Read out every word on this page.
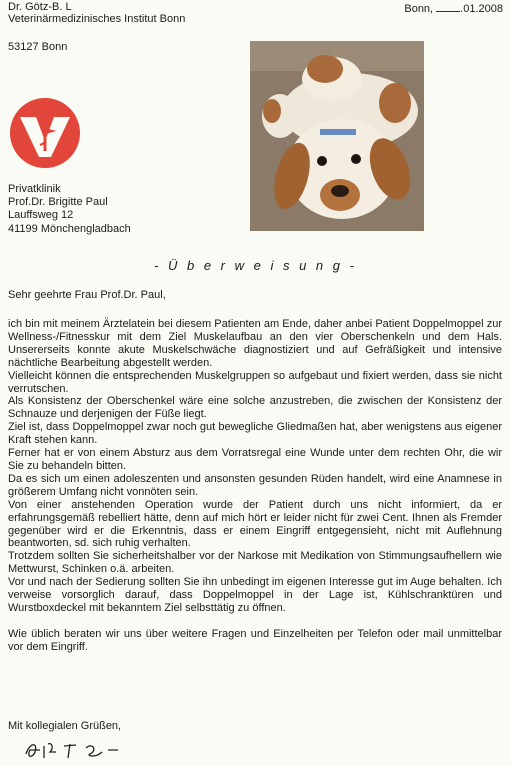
Dr. Götz-B. L
Veterinärmedizinisches Institut Bonn
53127 Bonn
Bonn, .01.2008
Privatklinik
Prof.Dr. Brigitte Paul
Lauffsweg 12
41199 Mönchengladbach
- Ü b e r w e i s u n g -
Sehr geehrte Frau Prof.Dr. Paul,

ich bin mit meinem Ärztelatein bei diesem Patienten am Ende, daher anbei Patient Doppelmoppel zur Wellness-/Fitnesskur mit dem Ziel Muskelaufbau an den vier Oberschenkeln und dem Hals. Unsererseits konnte akute Muskelschwäche diagnostiziert und auf Gefräßigkeit und intensive nächtliche Bearbeitung abgestellt werden.

Vielleicht können die entsprechenden Muskelgruppen so aufgebaut und fixiert werden, dass sie nicht verrutschen.

Als Konsistenz der Oberschenkel wäre eine solche anzustreben, die zwischen der Konsistenz der Schnauze und derjenigen der Füße liegt.

Ziel ist, dass Doppelmoppel zwar noch gut bewegliche Gliedmaßen hat, aber wenigstens aus eigener Kraft stehen kann.

Ferner hat er von einem Absturz aus dem Vorratsregal eine Wunde unter dem rechten Ohr, die wir Sie zu behandeln bitten.

Da es sich um einen adoleszenten und ansonsten gesunden Rüden handelt, wird eine Anamnese in größerem Umfang nicht vonnöten sein.

Von einer anstehenden Operation wurde der Patient durch uns nicht informiert, da er erfahrungsgemäß rebelliert hätte, denn auf mich hört er leider nicht für zwei Cent. Ihnen als Fremder gegenüber wird er die Erkenntnis, dass er einem Eingriff entgegensieht, nicht mit Auflehnung beantworten, sd. sich ruhig verhalten.

Trotzdem sollten Sie sicherheitshalber vor der Narkose mit Medikation von Stimmungsaufhellern wie Mettwurst, Schinken o.ä. arbeiten.

Vor und nach der Sedierung sollten Sie ihn unbedingt im eigenen Interesse gut im Auge behalten. Ich verweise vorsorglich darauf, dass Doppelmoppel in der Lage ist, Kühlschranktüren und Wurstboxdeckel mit bekanntem Ziel selbsttätig zu öffnen.

Wie üblich beraten wir uns über weitere Fragen und Einzelheiten per Telefon oder mail unmittelbar vor dem Eingriff.

Mit kollegialen Grüßen,
